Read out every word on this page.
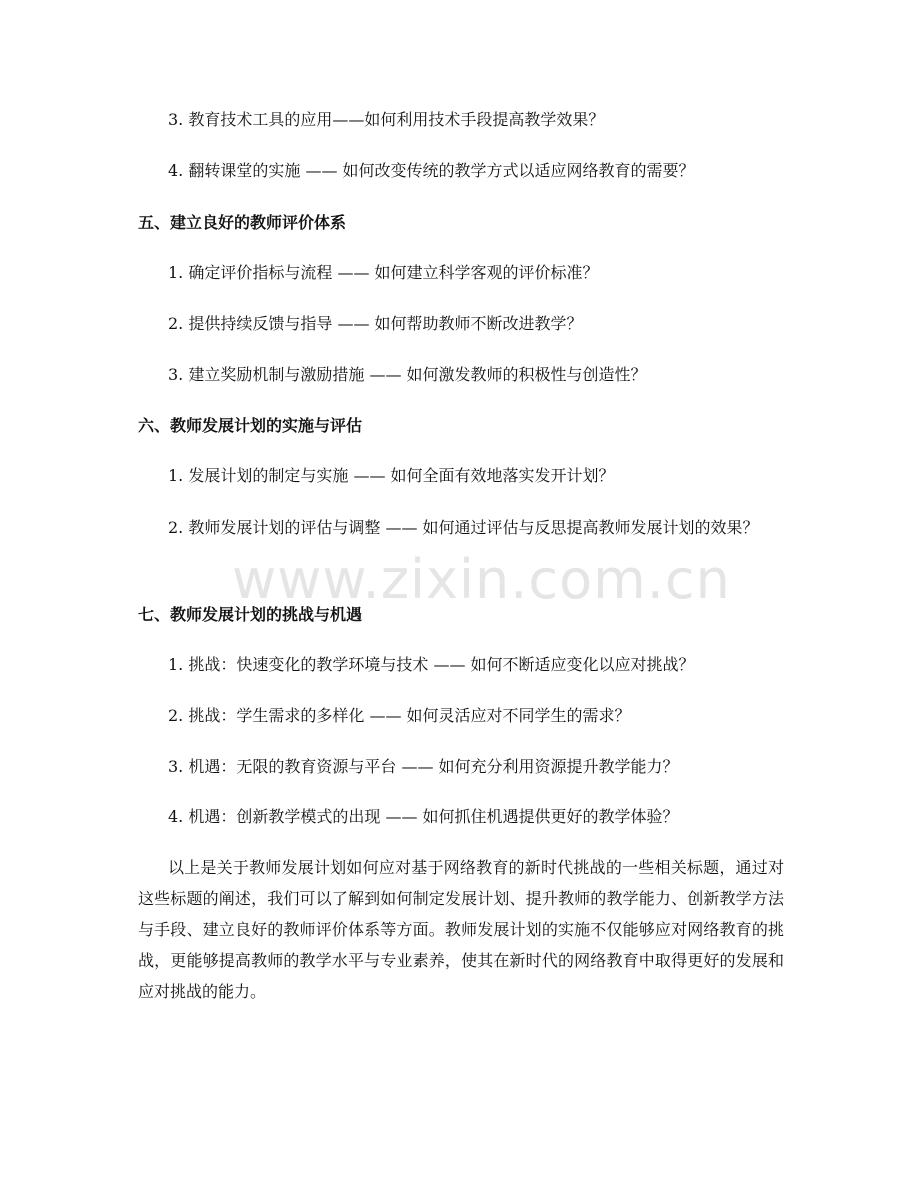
3. 教育技术工具的应用——如何利用技术手段提高教学效果？
4. 翻转课堂的实施 —— 如何改变传统的教学方式以适应网络教育的需要？
五、建立良好的教师评价体系
1. 确定评价指标与流程 —— 如何建立科学客观的评价标准？
2. 提供持续反馈与指导 —— 如何帮助教师不断改进教学？
3. 建立奖励机制与激励措施 —— 如何激发教师的积极性与创造性？
六、教师发展计划的实施与评估
1. 发展计划的制定与实施 —— 如何全面有效地落实发开计划？
2. 教师发展计划的评估与调整 —— 如何通过评估与反思提高教师发展计划的效果？
七、教师发展计划的挑战与机遇
1. 挑战：快速变化的教学环境与技术 —— 如何不断适应变化以应对挑战？
2. 挑战：学生需求的多样化 —— 如何灵活应对不同学生的需求？
3. 机遇：无限的教育资源与平台 —— 如何充分利用资源提升教学能力？
4. 机遇：创新教学模式的出现 —— 如何抓住机遇提供更好的教学体验？
以上是关于教师发展计划如何应对基于网络教育的新时代挑战的一些相关标题，通过对这些标题的阐述，我们可以了解到如何制定发展计划、提升教师的教学能力、创新教学方法与手段、建立良好的教师评价体系等方面。教师发展计划的实施不仅能够应对网络教育的挑战，更能够提高教师的教学水平与专业素养，使其在新时代的网络教育中取得更好的发展和应对挑战的能力。
www.zixin.com.cn
